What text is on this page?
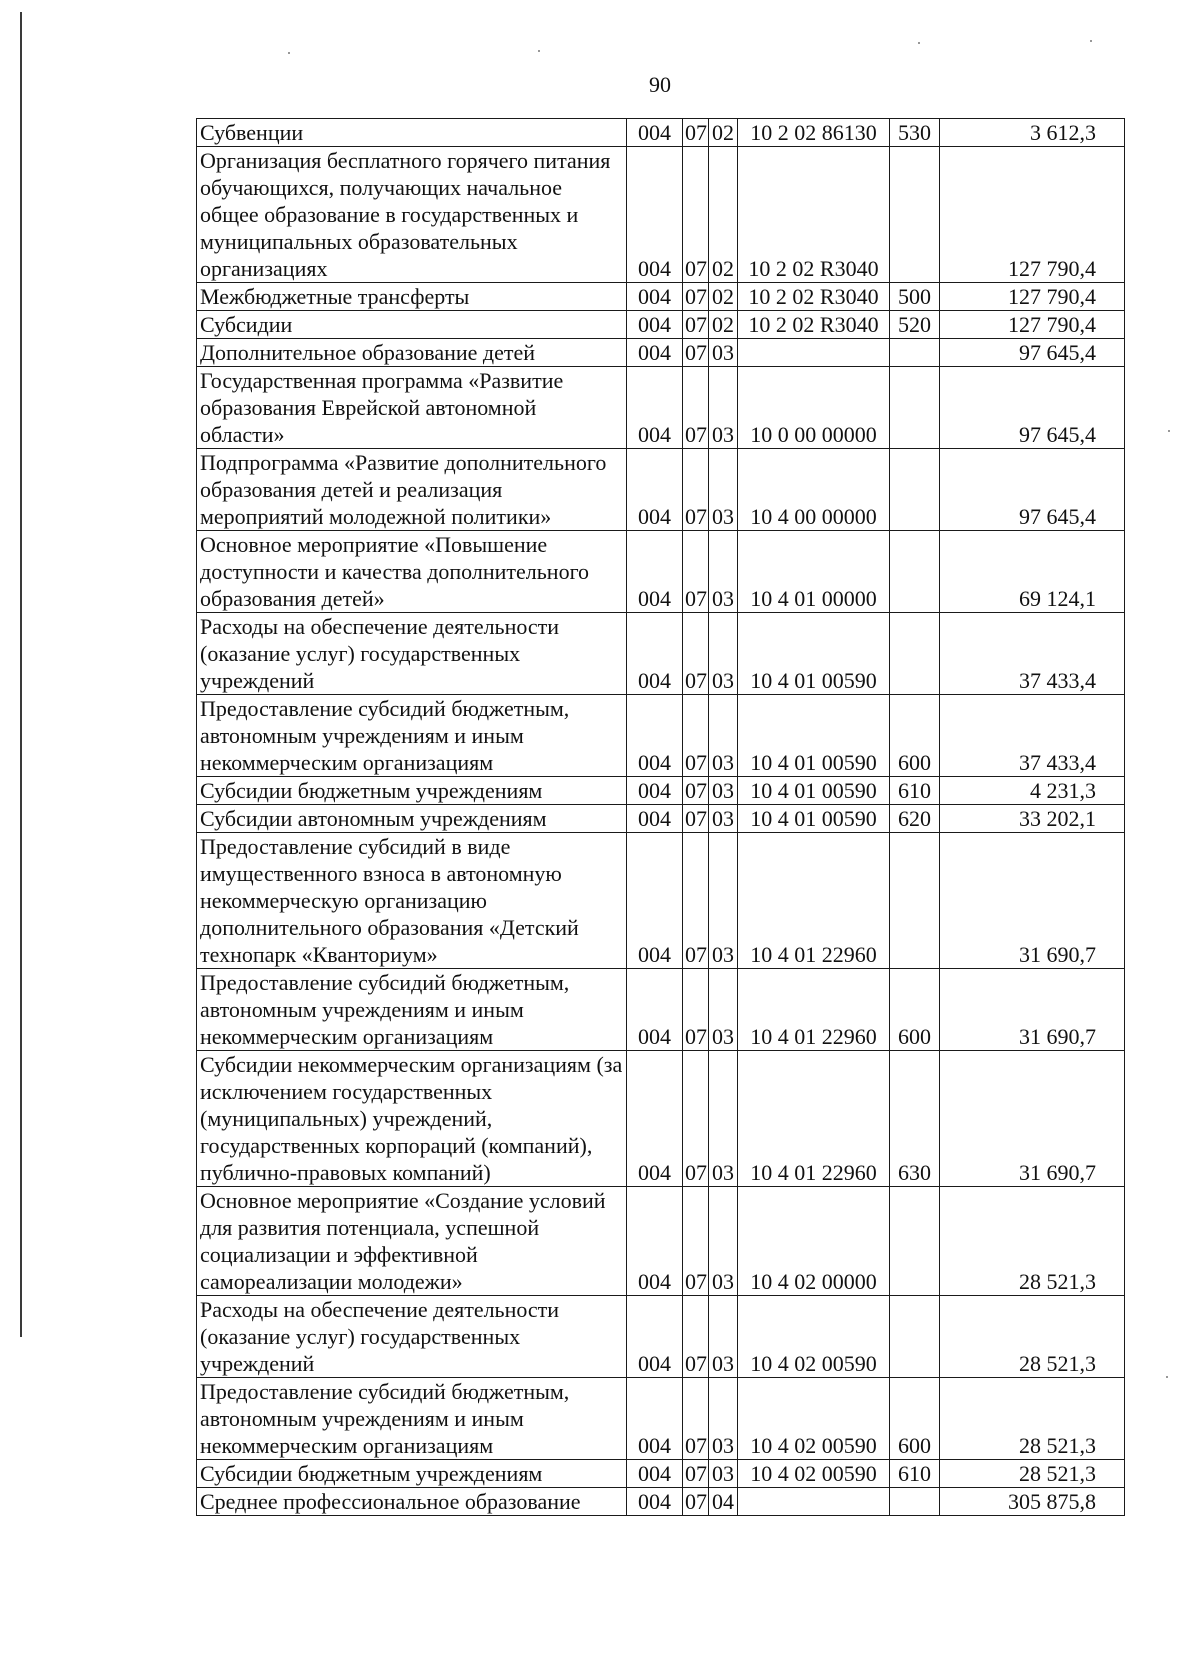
90
Субвенции	004	07	02	10 2 02 86130	530	3 612,3
Организация бесплатного горячего питания обучающихся, получающих начальное общее образование в государственных и муниципальных образовательных организациях	004	07	02	10 2 02 R3040		127 790,4
Межбюджетные трансферты	004	07	02	10 2 02 R3040	500	127 790,4
Субсидии	004	07	02	10 2 02 R3040	520	127 790,4
Дополнительное образование детей	004	07	03			97 645,4
Государственная программа «Развитие образования Еврейской автономной области»	004	07	03	10 0 00 00000		97 645,4
Подпрограмма «Развитие дополнительного образования детей и реализация мероприятий молодежной политики»	004	07	03	10 4 00 00000		97 645,4
Основное мероприятие «Повышение доступности и качества дополнительного образования детей»	004	07	03	10 4 01 00000		69 124,1
Расходы на обеспечение деятельности (оказание услуг) государственных учреждений	004	07	03	10 4 01 00590		37 433,4
Предоставление субсидий бюджетным, автономным учреждениям и иным некоммерческим организациям	004	07	03	10 4 01 00590	600	37 433,4
Субсидии бюджетным учреждениям	004	07	03	10 4 01 00590	610	4 231,3
Субсидии автономным учреждениям	004	07	03	10 4 01 00590	620	33 202,1
Предоставление субсидий в виде имущественного взноса в автономную некоммерческую организацию дополнительного образования «Детский технопарк «Кванториум»	004	07	03	10 4 01 22960		31 690,7
Предоставление субсидий бюджетным, автономным учреждениям и иным некоммерческим организациям	004	07	03	10 4 01 22960	600	31 690,7
Субсидии некоммерческим организациям (за исключением государственных (муниципальных) учреждений, государственных корпораций (компаний), публично-правовых компаний)	004	07	03	10 4 01 22960	630	31 690,7
Основное мероприятие «Создание условий для развития потенциала, успешной социализации и эффективной самореализации молодежи»	004	07	03	10 4 02 00000		28 521,3
Расходы на обеспечение деятельности (оказание услуг) государственных учреждений	004	07	03	10 4 02 00590		28 521,3
Предоставление субсидий бюджетным, автономным учреждениям и иным некоммерческим организациям	004	07	03	10 4 02 00590	600	28 521,3
Субсидии бюджетным учреждениям	004	07	03	10 4 02 00590	610	28 521,3
Среднее профессиональное образование	004	07	04			305 875,8
